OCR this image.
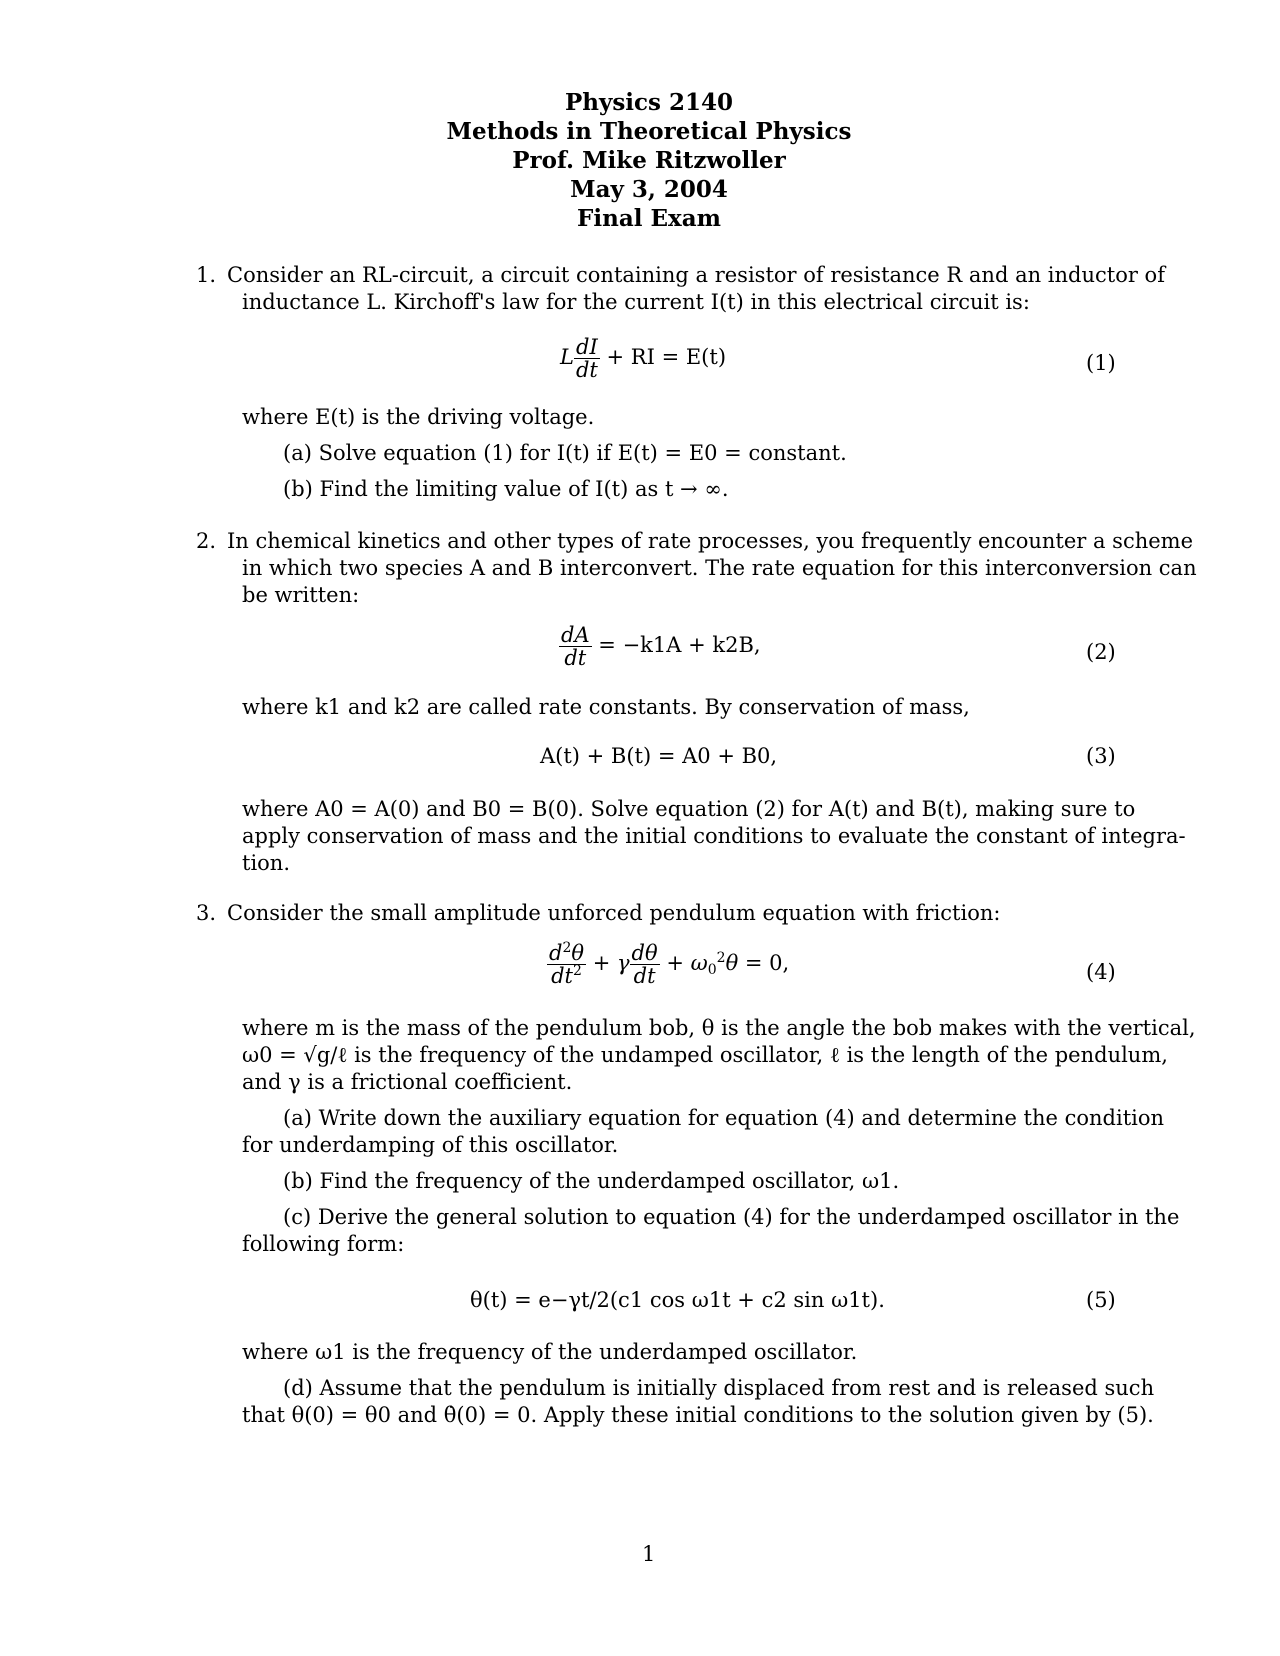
Physics 2140
Methods in Theoretical Physics
Prof. Mike Ritzwoller
May 3, 2004
Final Exam
1. Consider an RL-circuit, a circuit containing a resistor of resistance R and an inductor of
inductance L. Kirchoff's law for the current I(t) in this electrical circuit is:
L $\frac{dI}{dt}$ + RI = E(t)	(1)
where E(t) is the driving voltage.
(a) Solve equation (1) for I(t) if E(t) = E0 = constant.
(b) Find the limiting value of I(t) as t → ∞.
2. In chemical kinetics and other types of rate processes, you frequently encounter a scheme
in which two species A and B interconvert. The rate equation for this interconversion can
be written:
$\frac{dA}{dt} = -k1A + k2B$,	(2)
where k1 and k2 are called rate constants. By conservation of mass,
A(t) + B(t) = A0 + B0,	(3)
where A0 = A(0) and B0 = B(0). Solve equation (2) for A(t) and B(t), making sure to
apply conservation of mass and the initial conditions to evaluate the constant of integra-
tion.
3. Consider the small amplitude unforced pendulum equation with friction:
$\frac{d^2\theta}{dt^2} + \gamma \frac{d\theta}{dt} + \omega_0^2\theta = 0$,	(4)
where m is the mass of the pendulum bob, θ is the angle the bob makes with the vertical,
ω0 = √g/ℓ is the frequency of the undamped oscillator, ℓ is the length of the pendulum,
and γ is a frictional coefficient.
(a) Write down the auxiliary equation for equation (4) and determine the condition
for underdamping of this oscillator.
(b) Find the frequency of the underdamped oscillator, ω1.
(c) Derive the general solution to equation (4) for the underdamped oscillator in the
following form:
θ(t) = e−γt/2(c1 cos ω1t + c2 sin ω1t).	(5)
where ω1 is the frequency of the underdamped oscillator.
(d) Assume that the pendulum is initially displaced from rest and is released such
that θ(0) = θ0 and θ̇(0) = 0. Apply these initial conditions to the solution given by (5).
1
